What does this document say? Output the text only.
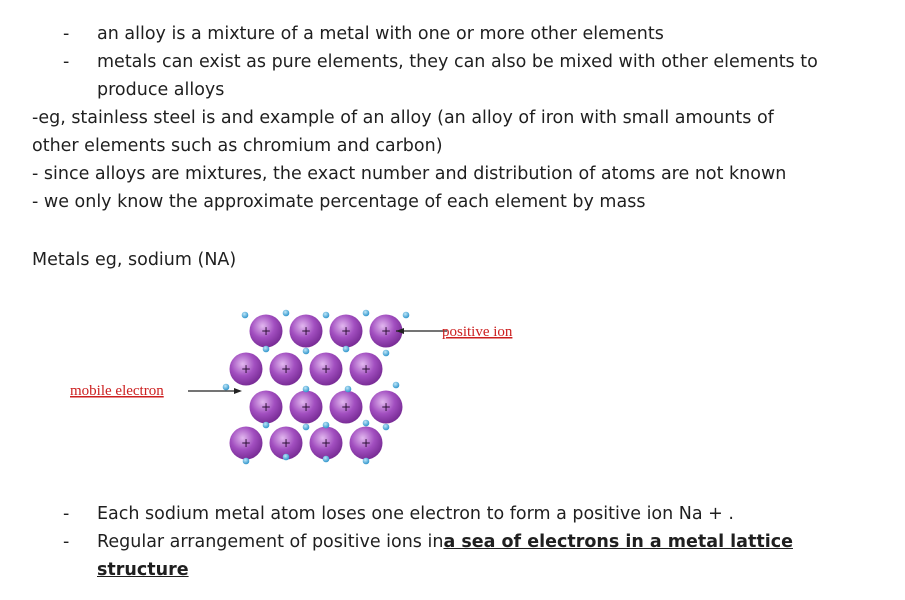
- an alloy is a mixture of a metal with one or more other elements
- metals can exist as pure elements, they can also be mixed with other elements to
produce alloys
-eg, stainless steel is and example of an alloy (an alloy of iron with small amounts of
other elements such as chromium and carbon)
- since alloys are mixtures, the exact number and distribution of atoms are not known
- we only know the approximate percentage of each element by mass
Metals eg, sodium (NA)
+ + + +
+ + + +
+ + + +
+ + + +
positive ion
mobile electron
- Each sodium metal atom loses one electron to form a positive ion Na + .
- Regular arrangement of positive ions ina sea of electrons in a metal lattice
structure
